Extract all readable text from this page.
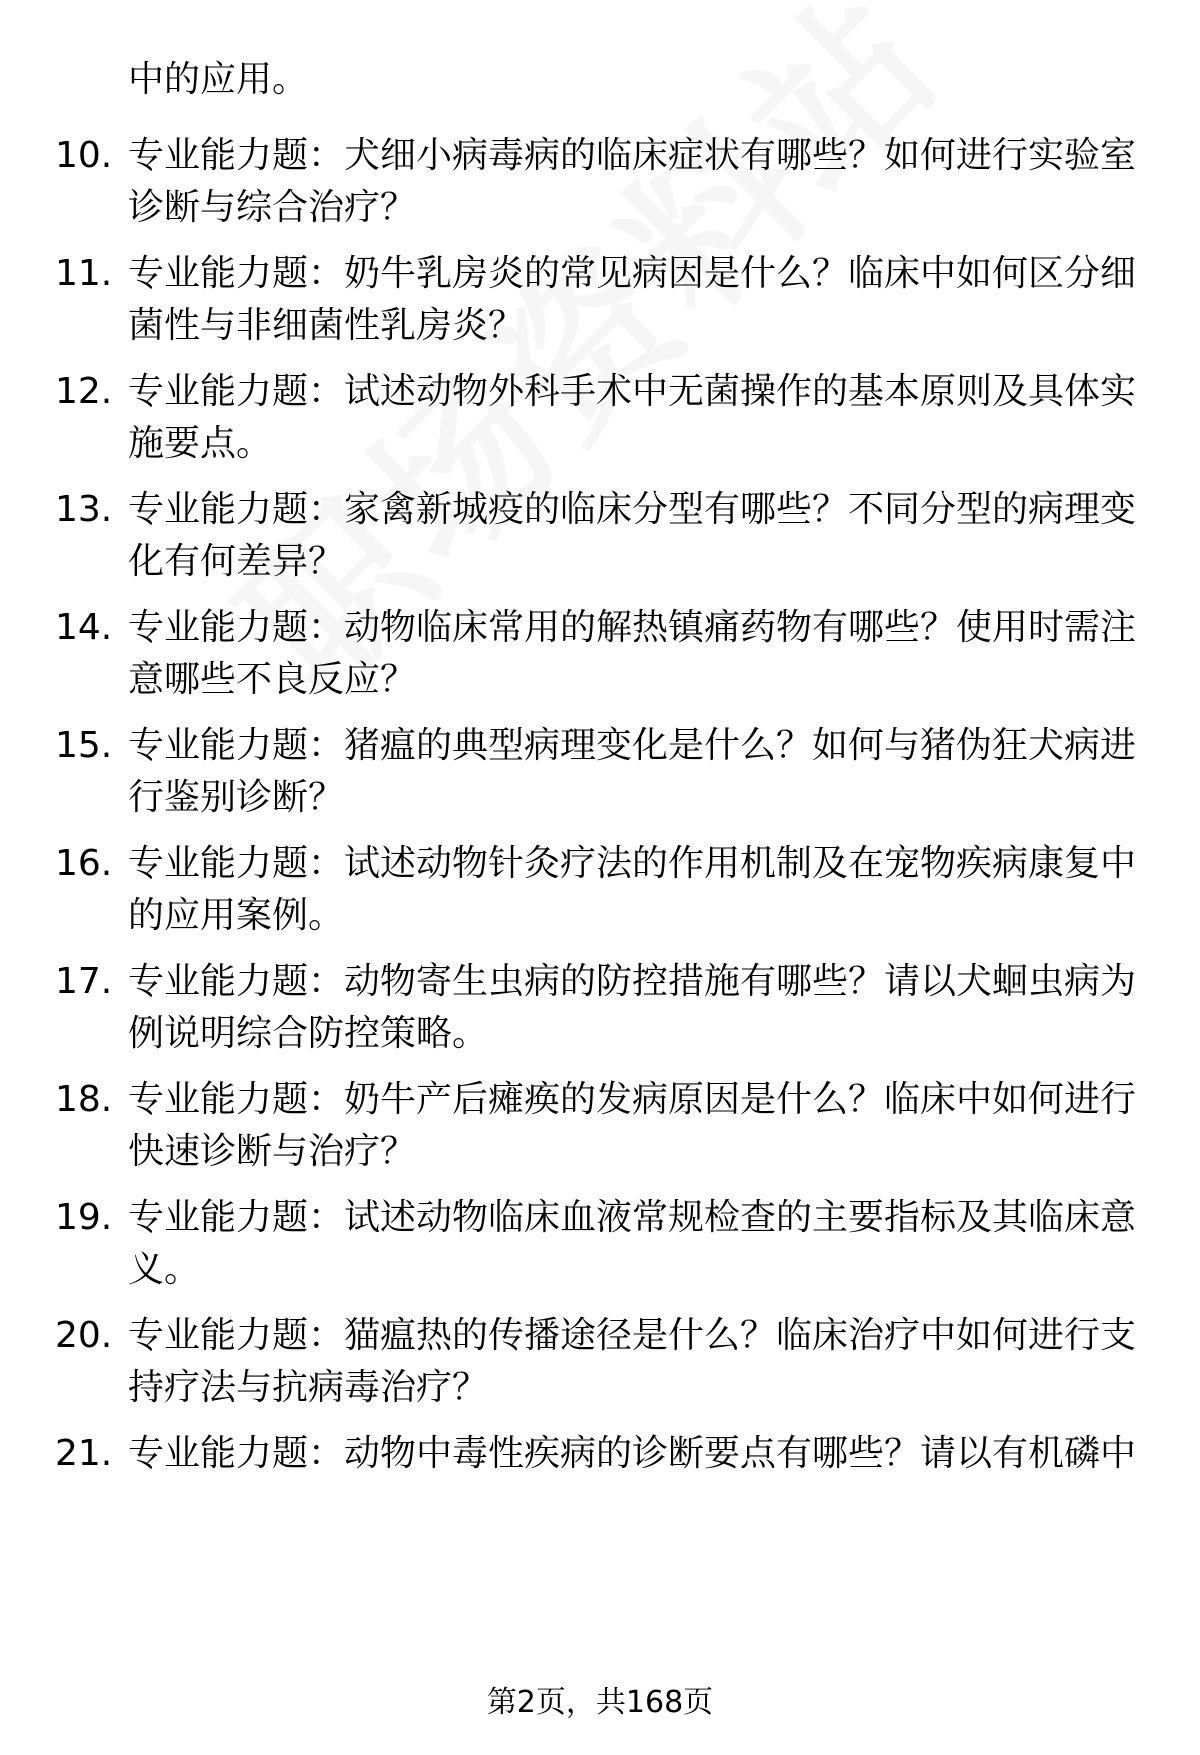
中的应用。
10. 专业能力题：犬细小病毒病的临床症状有哪些？如何进行实验室诊断与综合治疗？
11. 专业能力题：奶牛乳房炎的常见病因是什么？临床中如何区分细菌性与非细菌性乳房炎？
12. 专业能力题：试述动物外科手术中无菌操作的基本原则及具体实施要点。
13. 专业能力题：家禽新城疫的临床分型有哪些？不同分型的病理变化有何差异？
14. 专业能力题：动物临床常用的解热镇痛药物有哪些？使用时需注意哪些不良反应？
15. 专业能力题：猪瘟的典型病理变化是什么？如何与猪伪狂犬病进行鉴别诊断？
16. 专业能力题：试述动物针灸疗法的作用机制及在宠物疾病康复中的应用案例。
17. 专业能力题：动物寄生虫病的防控措施有哪些？请以犬蛔虫病为例说明综合防控策略。
18. 专业能力题：奶牛产后瘫痪的发病原因是什么？临床中如何进行快速诊断与治疗？
19. 专业能力题：试述动物临床血液常规检查的主要指标及其临床意义。
20. 专业能力题：猫瘟热的传播途径是什么？临床治疗中如何进行支持疗法与抗病毒治疗？
21. 专业能力题：动物中毒性疾病的诊断要点有哪些？请以有机磷中
第2页，共168页
